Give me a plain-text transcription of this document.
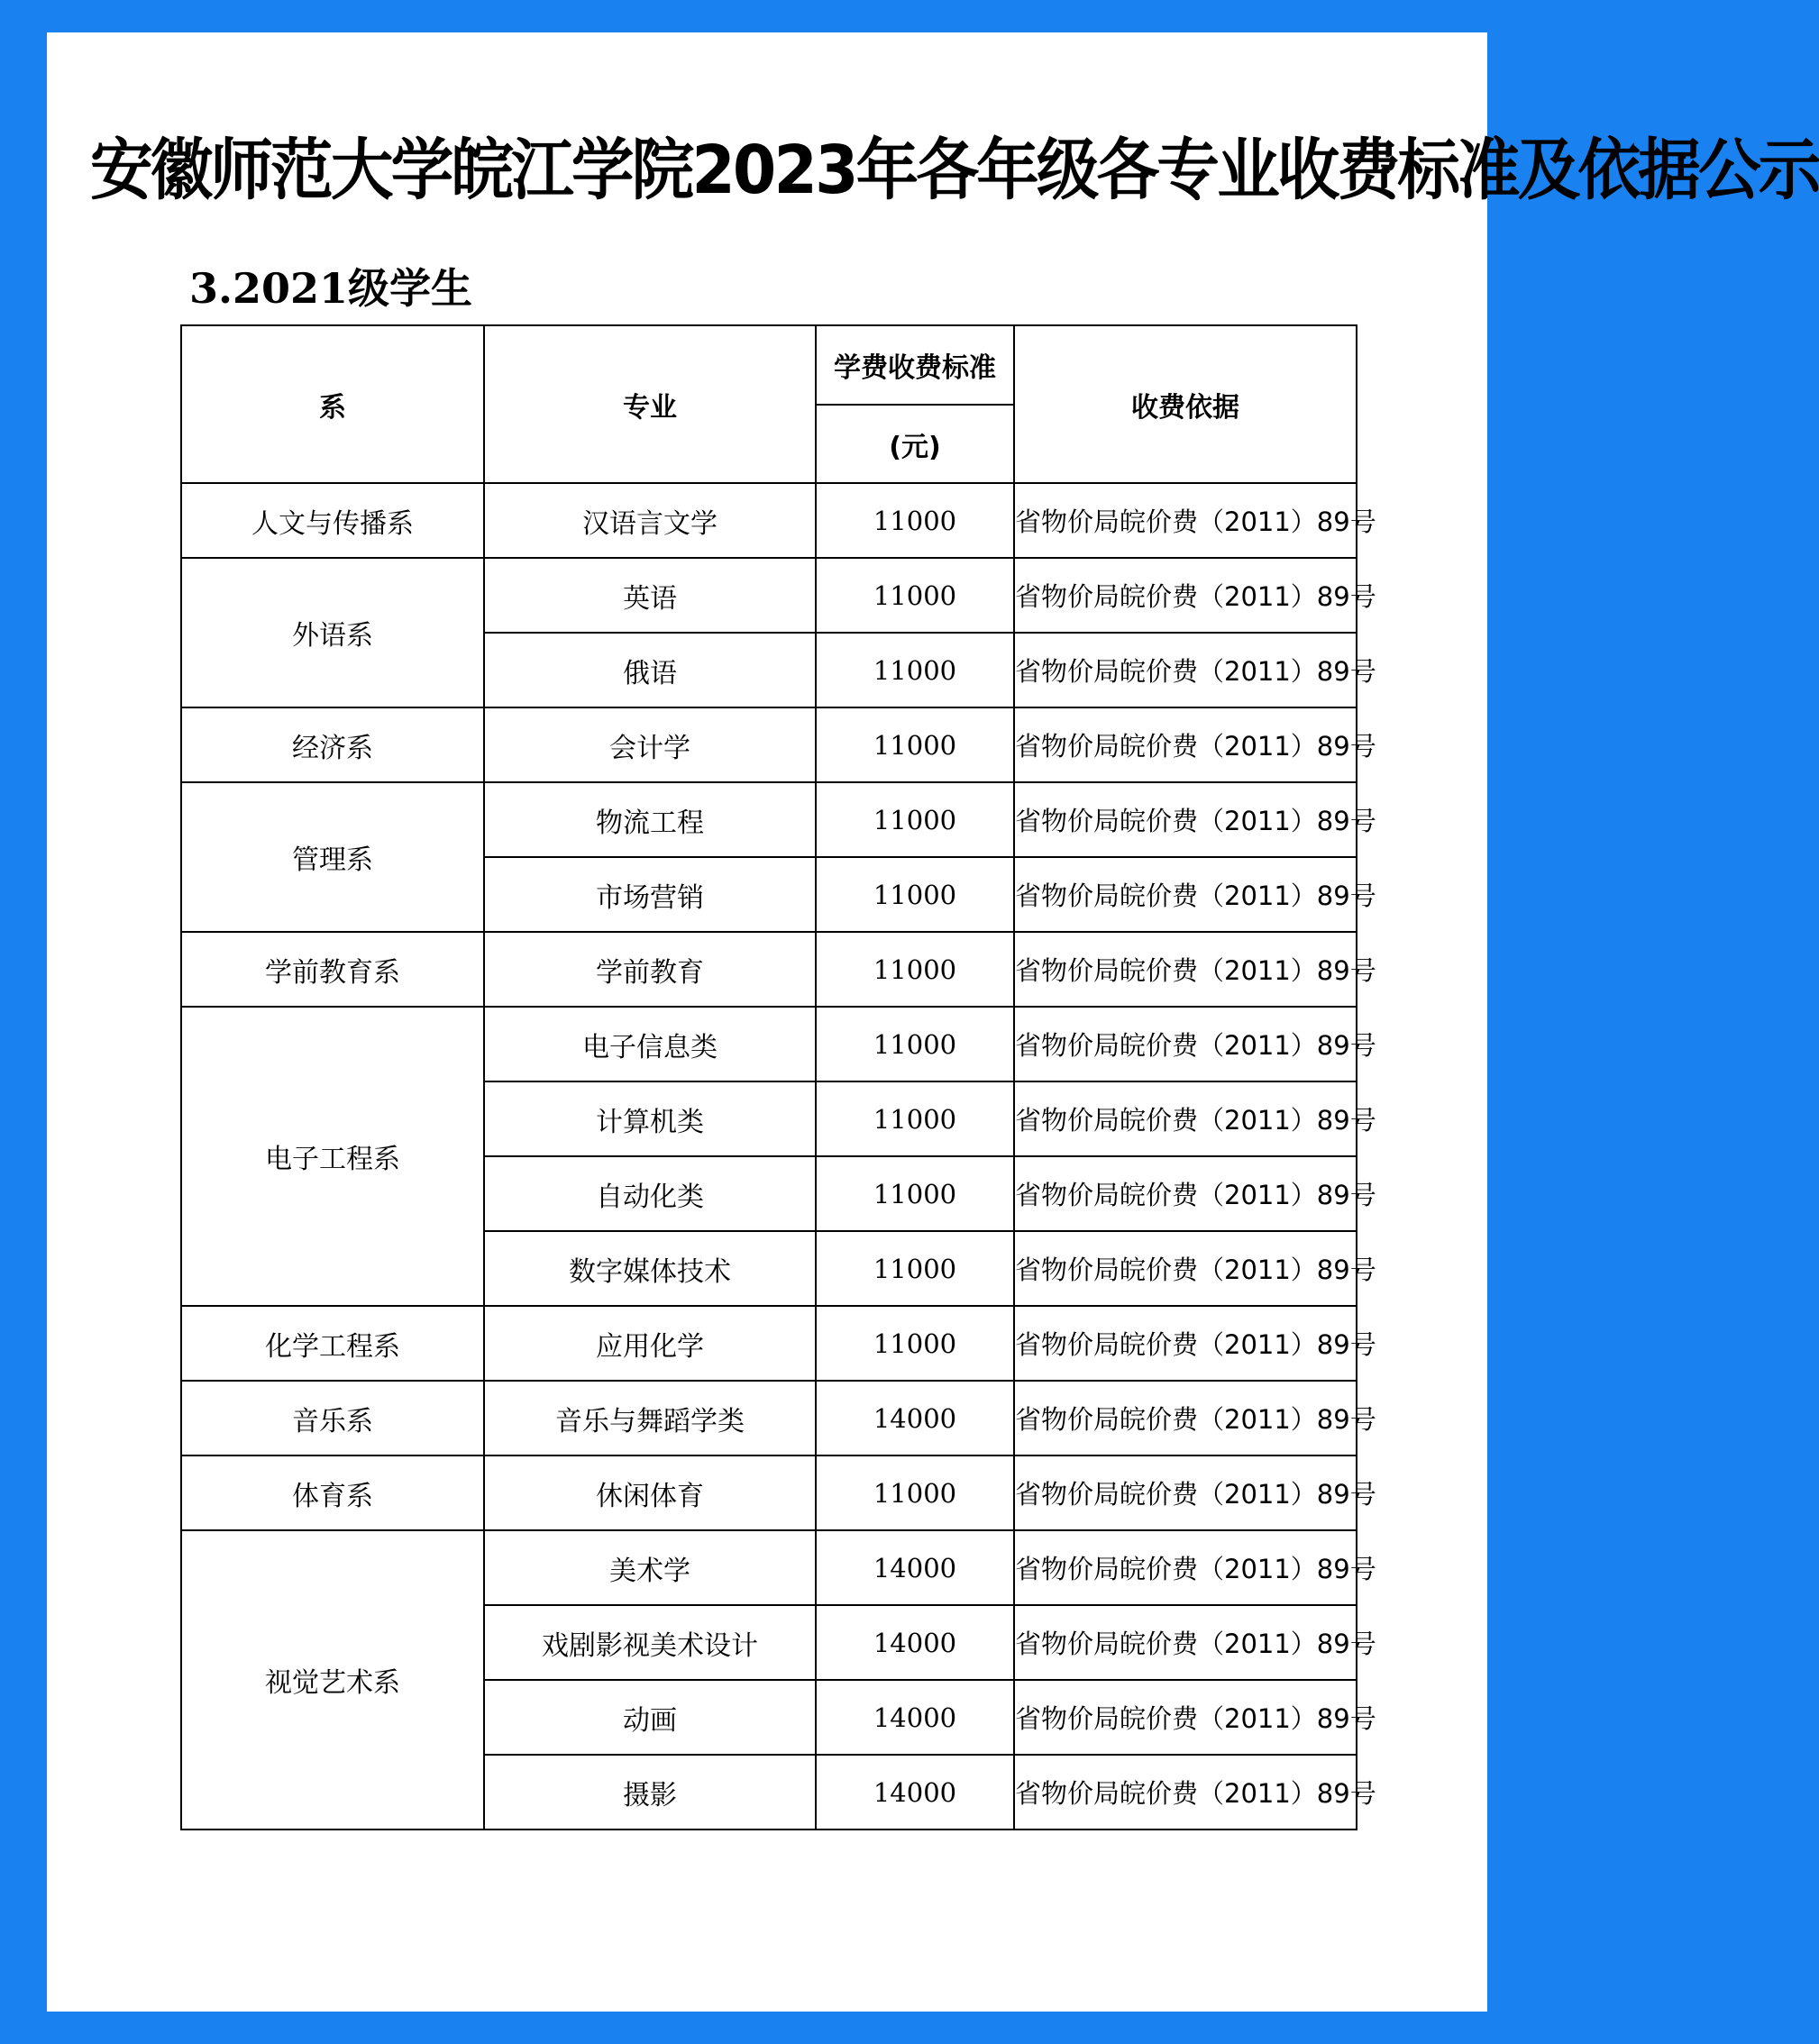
安徽师范大学皖江学院2023年各年级各专业收费标准及依据公示
3.2021级学生
系	专业	学费收费标准	收费依据
		(元)	
人文与传播系	汉语言文学	11000	省物价局皖价费（2011）89号
外语系	英语	11000	省物价局皖价费（2011）89号
	俄语	11000	省物价局皖价费（2011）89号
经济系	会计学	11000	省物价局皖价费（2011）89号
管理系	物流工程	11000	省物价局皖价费（2011）89号
	市场营销	11000	省物价局皖价费（2011）89号
学前教育系	学前教育	11000	省物价局皖价费（2011）89号
电子工程系	电子信息类	11000	省物价局皖价费（2011）89号
	计算机类	11000	省物价局皖价费（2011）89号
	自动化类	11000	省物价局皖价费（2011）89号
	数字媒体技术	11000	省物价局皖价费（2011）89号
化学工程系	应用化学	11000	省物价局皖价费（2011）89号
音乐系	音乐与舞蹈学类	14000	省物价局皖价费（2011）89号
体育系	休闲体育	11000	省物价局皖价费（2011）89号
视觉艺术系	美术学	14000	省物价局皖价费（2011）89号
	戏剧影视美术设计	14000	省物价局皖价费（2011）89号
	动画	14000	省物价局皖价费（2011）89号
	摄影	14000	省物价局皖价费（2011）89号
